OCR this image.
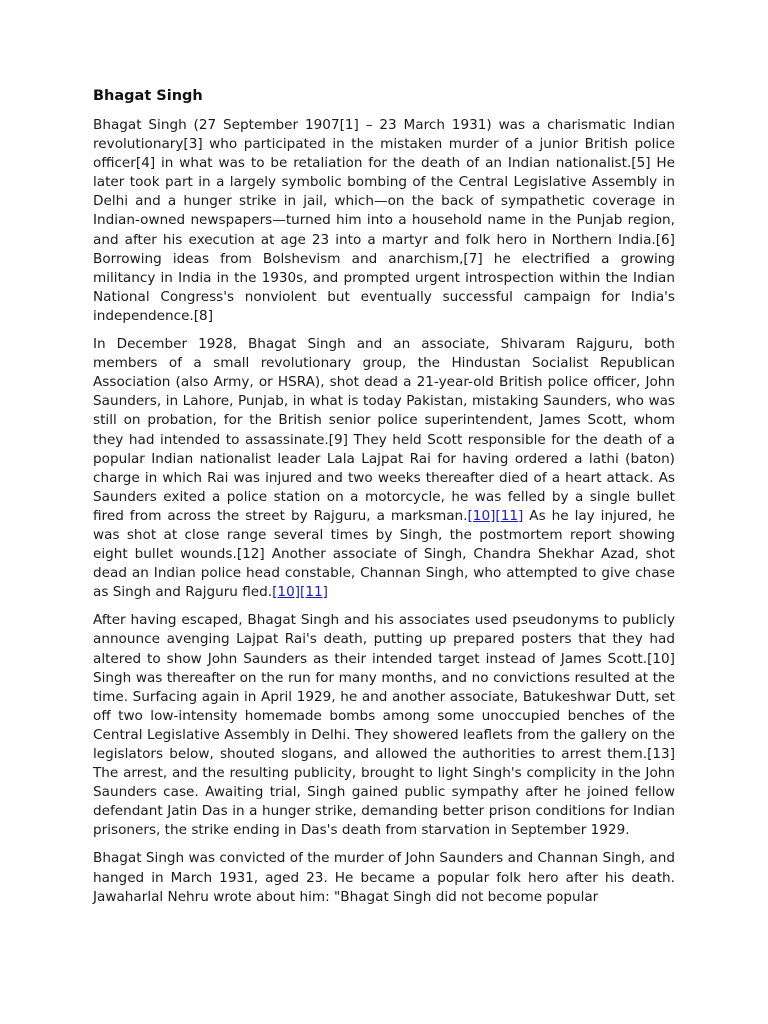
Bhagat Singh

Bhagat Singh (27 September 1907[1] – 23 March 1931) was a charismatic Indian revolutionary[3] who participated in the mistaken murder of a junior British police officer[4] in what was to be retaliation for the death of an Indian nationalist.[5] He later took part in a largely symbolic bombing of the Central Legislative Assembly in Delhi and a hunger strike in jail, which—on the back of sympathetic coverage in Indian-owned newspapers—turned him into a household name in the Punjab region, and after his execution at age 23 into a martyr and folk hero in Northern India.[6] Borrowing ideas from Bolshevism and anarchism,[7] he electrified a growing militancy in India in the 1930s, and prompted urgent introspection within the Indian National Congress's nonviolent but eventually successful campaign for India's independence.[8]

In December 1928, Bhagat Singh and an associate, Shivaram Rajguru, both members of a small revolutionary group, the Hindustan Socialist Republican Association (also Army, or HSRA), shot dead a 21-year-old British police officer, John Saunders, in Lahore, Punjab, in what is today Pakistan, mistaking Saunders, who was still on probation, for the British senior police superintendent, James Scott, whom they had intended to assassinate.[9] They held Scott responsible for the death of a popular Indian nationalist leader Lala Lajpat Rai for having ordered a lathi (baton) charge in which Rai was injured and two weeks thereafter died of a heart attack. As Saunders exited a police station on a motorcycle, he was felled by a single bullet fired from across the street by Rajguru, a marksman.[10][11] As he lay injured, he was shot at close range several times by Singh, the postmortem report showing eight bullet wounds.[12] Another associate of Singh, Chandra Shekhar Azad, shot dead an Indian police head constable, Channan Singh, who attempted to give chase as Singh and Rajguru fled.[10][11]

After having escaped, Bhagat Singh and his associates used pseudonyms to publicly announce avenging Lajpat Rai's death, putting up prepared posters that they had altered to show John Saunders as their intended target instead of James Scott.[10] Singh was thereafter on the run for many months, and no convictions resulted at the time. Surfacing again in April 1929, he and another associate, Batukeshwar Dutt, set off two low-intensity homemade bombs among some unoccupied benches of the Central Legislative Assembly in Delhi. They showered leaflets from the gallery on the legislators below, shouted slogans, and allowed the authorities to arrest them.[13] The arrest, and the resulting publicity, brought to light Singh's complicity in the John Saunders case. Awaiting trial, Singh gained public sympathy after he joined fellow defendant Jatin Das in a hunger strike, demanding better prison conditions for Indian prisoners, the strike ending in Das's death from starvation in September 1929.

Bhagat Singh was convicted of the murder of John Saunders and Channan Singh, and hanged in March 1931, aged 23. He became a popular folk hero after his death. Jawaharlal Nehru wrote about him: "Bhagat Singh did not become popular
